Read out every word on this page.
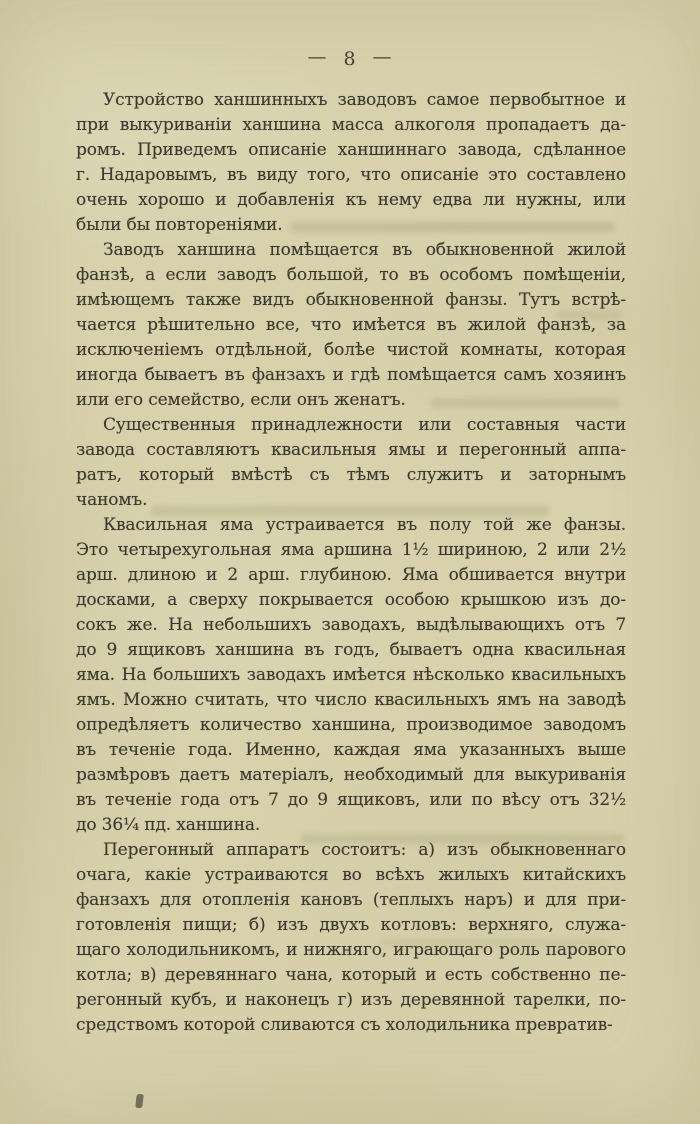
— 8 —
Устройство ханшинныхъ заводовъ самое первобытное и
при выкуриваніи ханшина масса алкоголя пропадаетъ да-
ромъ. Приведемъ описаніе ханшиннаго завода, сдѣланное
г. Надаровымъ, въ виду того, что описаніе это составлено
очень хорошо и добавленія къ нему едва ли нужны, или
были бы повтореніями.
Заводъ ханшина помѣщается въ обыкновенной жилой
фанзѣ, а если заводъ большой, то въ особомъ помѣщеніи,
имѣющемъ также видъ обыкновенной фанзы. Тутъ встрѣ-
чается рѣшительно все, что имѣется въ жилой фанзѣ, за
исключеніемъ отдѣльной, болѣе чистой комнаты, которая
иногда бываетъ въ фанзахъ и гдѣ помѣщается самъ хозяинъ
или его семейство, если онъ женатъ.
Существенныя принадлежности или составныя части
завода составляютъ квасильныя ямы и перегонный аппа-
ратъ, который вмѣстѣ съ тѣмъ служитъ и заторнымъ
чаномъ.
Квасильная яма устраивается въ полу той же фанзы.
Это четырехугольная яма аршина 1¹⁄₂ шириною, 2 или 2¹⁄₂
арш. длиною и 2 арш. глубиною. Яма обшивается внутри
досками, а сверху покрывается особою крышкою изъ до-
сокъ же. На небольшихъ заводахъ, выдѣлывающихъ отъ 7
до 9 ящиковъ ханшина въ годъ, бываетъ одна квасильная
яма. На большихъ заводахъ имѣется нѣсколько квасильныхъ
ямъ. Можно считать, что число квасильныхъ ямъ на заводѣ
опредѣляетъ количество ханшина, производимое заводомъ
въ теченіе года. Именно, каждая яма указанныхъ выше
размѣровъ даетъ матеріалъ, необходимый для выкуриванія
въ теченіе года отъ 7 до 9 ящиковъ, или по вѣсу отъ 32¹⁄₂
до 36¹⁄₄ пд. ханшина.
Перегонный аппаратъ состоитъ: а) изъ обыкновеннаго
очага, какіе устраиваются во всѣхъ жилыхъ китайскихъ
фанзахъ для отопленія кановъ (теплыхъ наръ) и для при-
готовленія пищи; б) изъ двухъ котловъ: верхняго, служа-
щаго холодильникомъ, и нижняго, играющаго роль парового
котла; в) деревяннаго чана, который и есть собственно пе-
регонный кубъ, и наконецъ г) изъ деревянной тарелки, по-
средствомъ которой сливаются съ холодильника превратив-
